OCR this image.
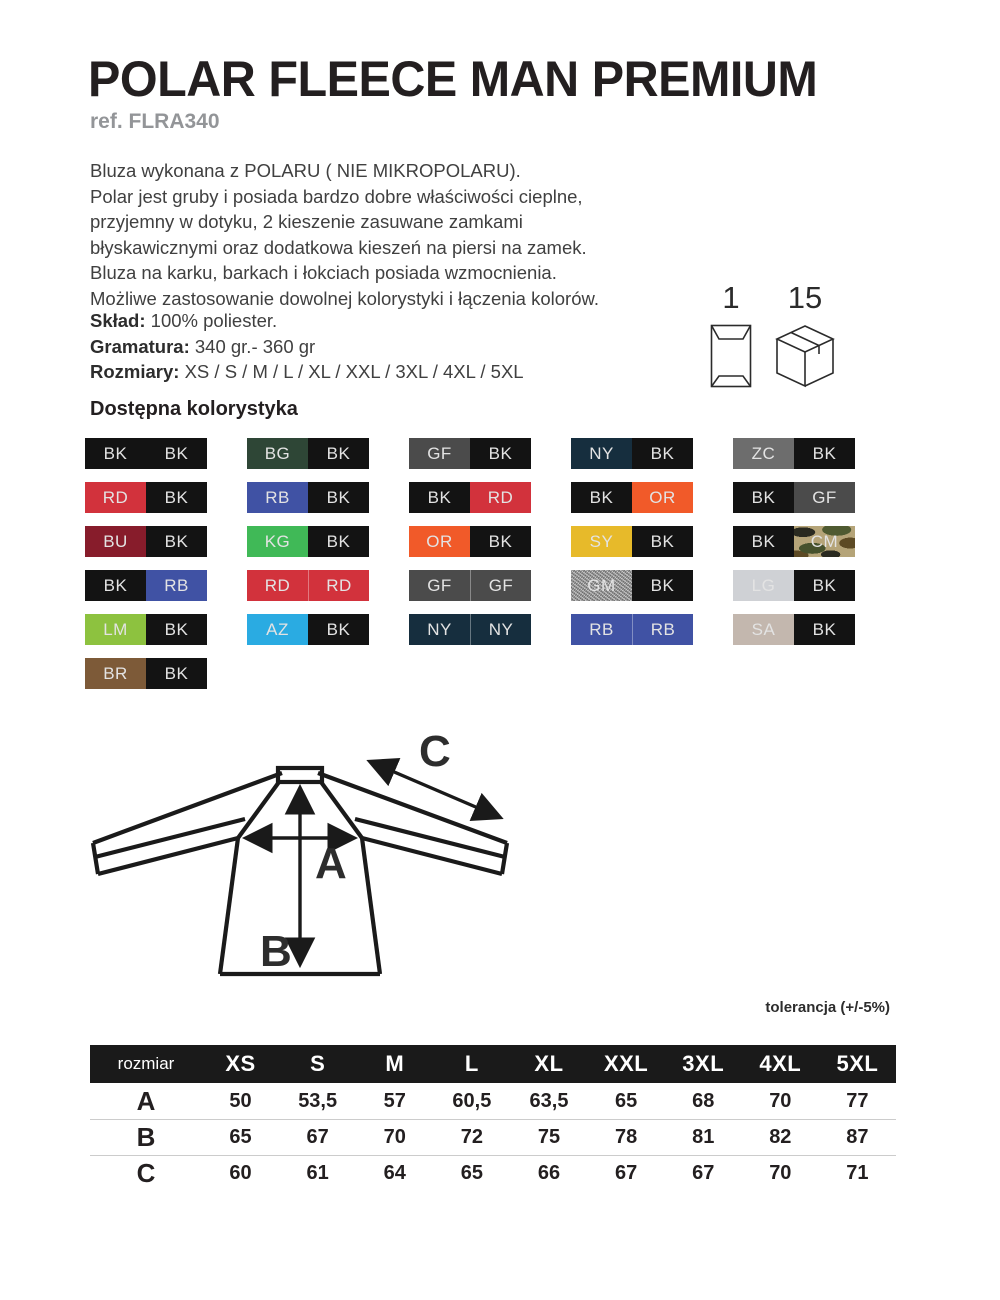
POLAR FLEECE MAN PREMIUM
ref. FLRA340
Bluza wykonana z POLARU ( NIE MIKROPOLARU).
Polar jest gruby i posiada bardzo dobre właściwości cieplne,
przyjemny w dotyku, 2 kieszenie zasuwane zamkami
błyskawicznymi oraz dodatkowa kieszeń na piersi na zamek.
Bluza na karku, barkach i łokciach posiada wzmocnienia.
Możliwe zastosowanie dowolnej kolorystyki i łączenia kolorów.
Skład: 100% poliester.
Gramatura: 340 gr.- 360 gr
Rozmiary: XS / S / M / L / XL / XXL / 3XL / 4XL / 5XL
1 15
Dostępna kolorystyka
BK	BK
RD	BK
BU	BK
BK	RB
LM	BK
BR	BK
BG	BK
RB	BK
KG	BK
RD	RD
AZ	BK
GF	BK
BK	RD
OR	BK
GF	GF
NY	NY
NY	BK
BK	OR
SY	BK
GM	BK
RB	RB
ZC	BK
BK	GF
BK	CM
LG	BK
SA	BK
A
B
C
tolerancja (+/-5%)
rozmiar	XS	S	M	L	XL	XXL	3XL	4XL	5XL
A	50	53,5	57	60,5	63,5	65	68	70	77
B	65	67	70	72	75	78	81	82	87
C	60	61	64	65	66	67	67	70	71
